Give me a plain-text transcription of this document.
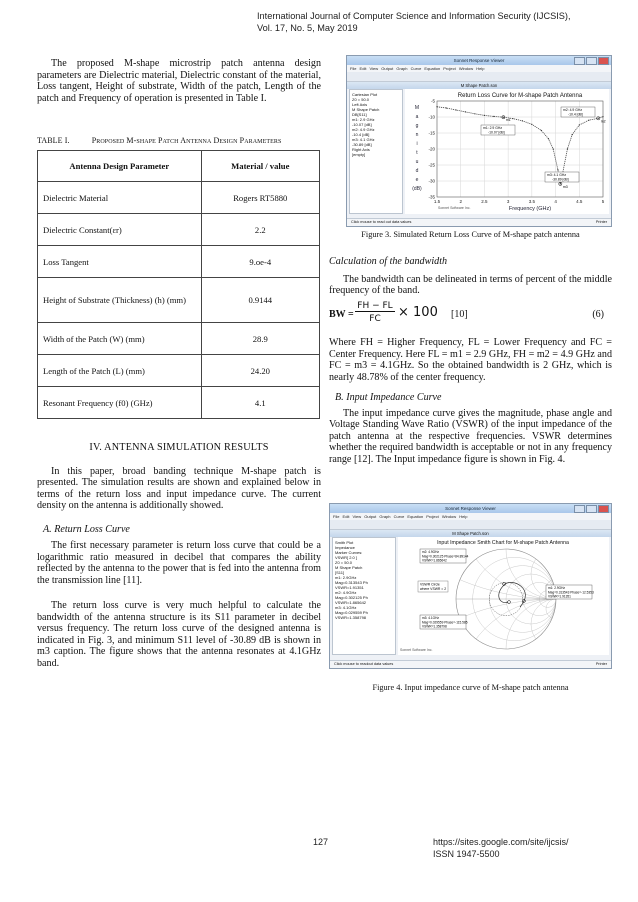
International Journal of Computer Science and Information Security (IJCSIS),
Vol. 17, No. 5, May 2019

The proposed M-shape microstrip patch antenna design parameters are Dielectric material, Dielectric constant of the material, Loss tangent, Height of substrate, Width of the patch, Length of the patch and Frequency of operation is presented in Table I.

TABLE I.	Proposed M-shape Patch Antenna Design Parameters
Antenna Design Parameter	Material / value
Dielectric Material	Rogers RT5880
Dielectric Constant(εr)	2.2
Loss Tangent	9.oe-4
Height of Substrate (Thickness) (h) (mm)	0.9144
Width of the Patch (W) (mm)	28.9
Length of the Patch (L) (mm)	24.20
Resonant Frequency (f0) (GHz)	4.1
IV. ANTENNA SIMULATION RESULTS

In this paper, broad banding technique M-shape patch is presented. The simulation results are shown and explained below in terms of the return loss and input impedance curve. The current density on the antenna is additionally showed.

A. Return Loss Curve

The first necessary parameter is return loss curve that could be a logarithmic ratio measured in decibel that compares the ability reflected by the antenna to the power that is fed into the antenna from the transmission line [11].

The return loss curve is very much helpful to calculate the bandwidth of the antenna structure is its S11 parameter in decibel versus frequency. The return loss curve of the designed antenna is indicated in Fig. 3, and minimum S11 level of -30.89 dB is shown in m3 caption. The figure shows that the antenna resonates at 4.1GHz band.

Sonnet Response Viewer
File Edit View Output Graph Curve Equation Project Window Help
M Shape Patch.son
Cartesian Plot
Z0 = 50.0
Left Axis
M Shape Patch
DB[S11]
m1: 2.9 GHz
-10.07 [dB]
m2: 4.9 GHz
-10.4 [dB]
m3: 4.1 GHz
-30.89 [dB]
Right Axis
[empty]
Return Loss Curve for M-shape Patch Antenna
1.5	2	2.5	3	3.5	4	4.5	5
-5
-10
-15
-20
-25
-30
-35
M
a
g
n
i
t
u
d
e
(dB)
Frequency (GHz)
m1
m1: 2.9 GHz
-10.07 [dB]
m2
m2: 4.9 GHz
-10.4 [dB]
m3
m3: 4.1 GHz
-30.89 [dB]
Sonnet Software Inc.
Click mouse to read out data values	Printer
Figure 3. Simulated Return Loss Curve of M-shape patch antenna
Calculation of the bandwidth

The bandwidth can be delineated in terms of percent of the middle frequency of the band.

BW =
FH − FL
FC	× 100 [10]	(6)

Where FH = Higher Frequency, FL = Lower Frequency and FC = Center Frequency. Here FL = m1 = 2.9 GHz, FH = m2 = 4.9 GHz and FC = m3 = 4.1GHz. So the obtained bandwidth is 2 GHz, which is nearly 48.78% of the center frequency.

B. Input Impedance Curve

The input impedance curve gives the magnitude, phase angle and Voltage Standing Wave Ratio (VSWR) of the input impedance of the patch antenna at the respective frequencies. VSWR determines whether the required bandwidth is acceptable or not in any frequency range [12]. The Input impedance figure is shown in Fig. 4.

Sonnet Response Viewer
File Edit View Output Graph Curve Equation Project Window Help
M Shape Patch.son
Smith Plot
Impedance
Marker Curves:
VSWR[ 2.0 ]
Z0 = 50.0
M Shape Patch
[S11]
m1: 2.9GHz
Mag=0.313543 Ph
VSWR=1.91351
m2: 4.9GHz
Mag=0.302125 Ph
VSWR=1.865642
m3: 4.1GHz
Mag=0.029559 Ph
VSWR=1.358798
Input Impedance Smith Chart for M-shape Patch Antenna
VSWR Circle
where VSWR = 2
m2: 4.9GHz
Mag=0.302125 Phase=84.89144
VSWR=1.865642
m1: 2.9GHz
Mag=0.313543 Phase=-12.5353
VSWR=1.91351
m3: 4.1GHz
Mag=0.029559 Phase=-115.585
VSWR=1.358798
Sonnet Software Inc.
Click mouse to readout data values	Printer
Figure 4. Input impedance curve of M-shape patch antenna
127	https://sites.google.com/site/ijcsis/
ISSN 1947-5500
